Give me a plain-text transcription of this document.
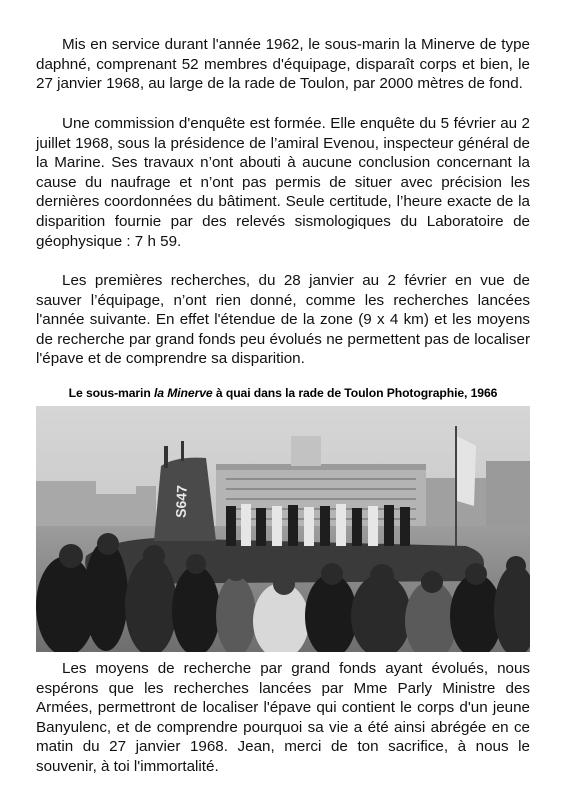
Mis en service durant l'année 1962, le sous-marin la Minerve de type daphné, comprenant 52 membres d'équipage, disparaît corps et bien, le 27 janvier 1968, au large de la rade de Toulon, par 2000 mètres de fond.

Une commission d'enquête est formée. Elle enquête du 5 février au 2 juillet 1968, sous la présidence de l’amiral Evenou, inspecteur général de la Marine. Ses travaux n’ont abouti à aucune conclusion concernant la cause du naufrage et n’ont pas permis de situer avec précision les dernières coordonnées du bâtiment. Seule certitude, l’heure exacte de la disparition fournie par des relevés sismologiques du Laboratoire de géophysique : 7 h 59.

Les premières recherches, du 28 janvier au 2 février en vue de sauver l’équipage, n’ont rien donné, comme les recherches lancées l'année suivante. En effet l'étendue de la zone (9 x 4 km) et les moyens de recherche par grand fonds peu évolués ne permettent pas de localiser l'épave et de comprendre sa disparition.

Le sous-marin la Minerve à quai dans la rade de Toulon Photographie, 1966
S647

Les moyens de recherche par grand fonds ayant évolués, nous espérons que les recherches lancées par Mme Parly Ministre des Armées, permettront de localiser l'épave qui contient le corps d'un jeune Banyulenc, et de comprendre pourquoi sa vie a été ainsi abrégée en ce matin du 27 janvier 1968. Jean, merci de ton sacrifice, à nous le souvenir, à toi l'immortalité.
